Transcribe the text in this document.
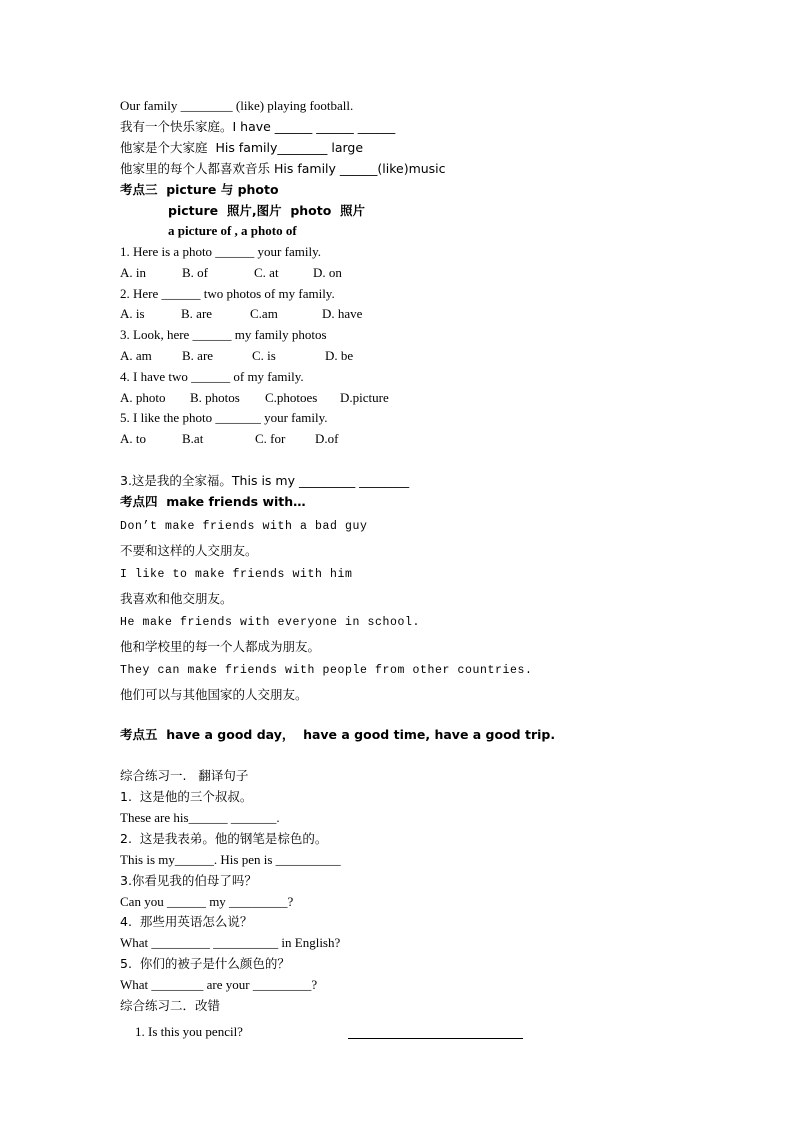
Our family ________ (like) playing football.
我有一个快乐家庭。I have ______ ______ ______
他家是个大家庭  His family________ large
他家里的每个人都喜欢音乐 His family ______(like)music
考点三  picture 与 photo
picture  照片,图片  photo  照片
a picture of , a photo of
1. Here is a photo ______ your family.
A. in	B. of	C. at	D. on
2. Here ______ two photos of my family.
A. is	B. are	C.am	D. have
3. Look, here ______ my family photos
A. am B. are	C. is	D. be
4. I have two ______ of my family.
A. photo B. photos C.photoes D.picture
5. I like the photo _______ your family.
A. to	B.at	C. for D.of
3.这是我的全家福。This is my _________ ________
考点四  make friends with…
Don’t make friends with a bad guy
不要和这样的人交朋友。
I like to make friends with him
我喜欢和他交朋友。
He make friends with everyone in school.
他和学校里的每一个人都成为朋友。
They can make friends with people from other countries.
他们可以与其他国家的人交朋友。
考点五  have a good day，  have a good time, have a good trip.
综合练习一.   翻译句子
1.  这是他的三个叔叔。
These are his______ _______.
2.  这是我表弟。他的钢笔是棕色的。
This is my______. His pen is __________
3.你看见我的伯母了吗？
Can you ______ my _________?
4.  那些用英语怎么说？
What _________ __________ in English?
5.  你们的被子是什么颜色的？
What ________ are your _________?
综合练习二．改错
1. Is this you pencil?
